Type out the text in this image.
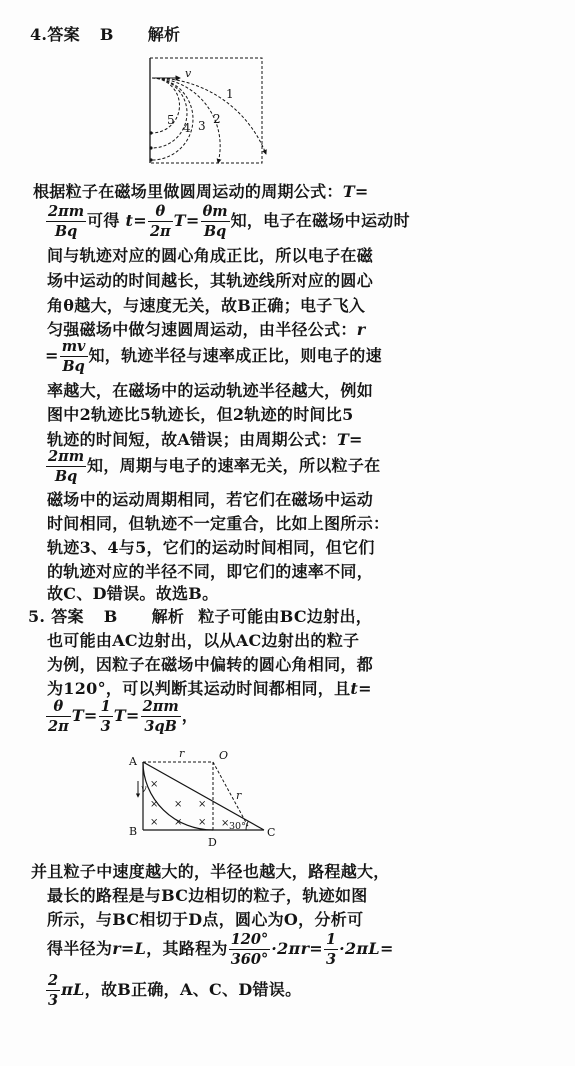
4.答案 B 解析
v
1
2
3
4
5
根据粒子在磁场里做圆周运动的周期公式：T=
$\frac{2\pi m}{Bq}$ 可得 $t= \frac{\theta}{2\pi} T= \frac{\theta m}{Bq}$ 知，电子在磁场中运动时
间与轨迹对应的圆心角成正比，所以电子在磁
场中运动的时间越长，其轨迹线所对应的圆心
角θ越大，与速度无关，故B正确；电子飞入
匀强磁场中做匀速圆周运动，由半径公式：r
= $\frac{mv}{Bq}$ 知，轨迹半径与速率成正比，则电子的速
率越大，在磁场中的运动轨迹半径越大，例如
图中2轨迹比5轨迹长，但2轨迹的时间比5
轨迹的时间短，故A错误；由周期公式：T=
$\frac{2\pi m}{Bq}$ 知，周期与电子的速率无关，所以粒子在
磁场中的运动周期相同，若它们在磁场中运动
时间相同，但轨迹不一定重合，比如上图所示：
轨迹3、4与5，它们的运动时间相同，但它们
的轨迹对应的半径不同，即它们的速率不同，
故C、D错误。故选B。
5. 答案 B 解析 粒子可能由BC边射出，
也可能由AC边射出，以从AC边射出的粒子
为例，因粒子在磁场中偏转的圆心角相同，都
为120°，可以判断其运动时间都相同，且t=
$\frac{\theta}{2\pi} T= \frac{1}{3} T= \frac{2\pi m}{3qB}$ ，
A
B	C
D
O
r
r
v
30°
×
× × ×
× × × ×
并且粒子中速度越大的，半径也越大，路程越大，
最长的路程是与BC边相切的粒子，轨迹如图
所示，与BC相切于D点，圆心为O，分析可
得半径为r=L，其路程为 $\frac{120^\circ}{360^\circ} \cdot 2\pi r= \frac{1}{3} \cdot 2\pi L=$
$\frac{2}{3}$ πL，故B正确，A、C、D错误。
